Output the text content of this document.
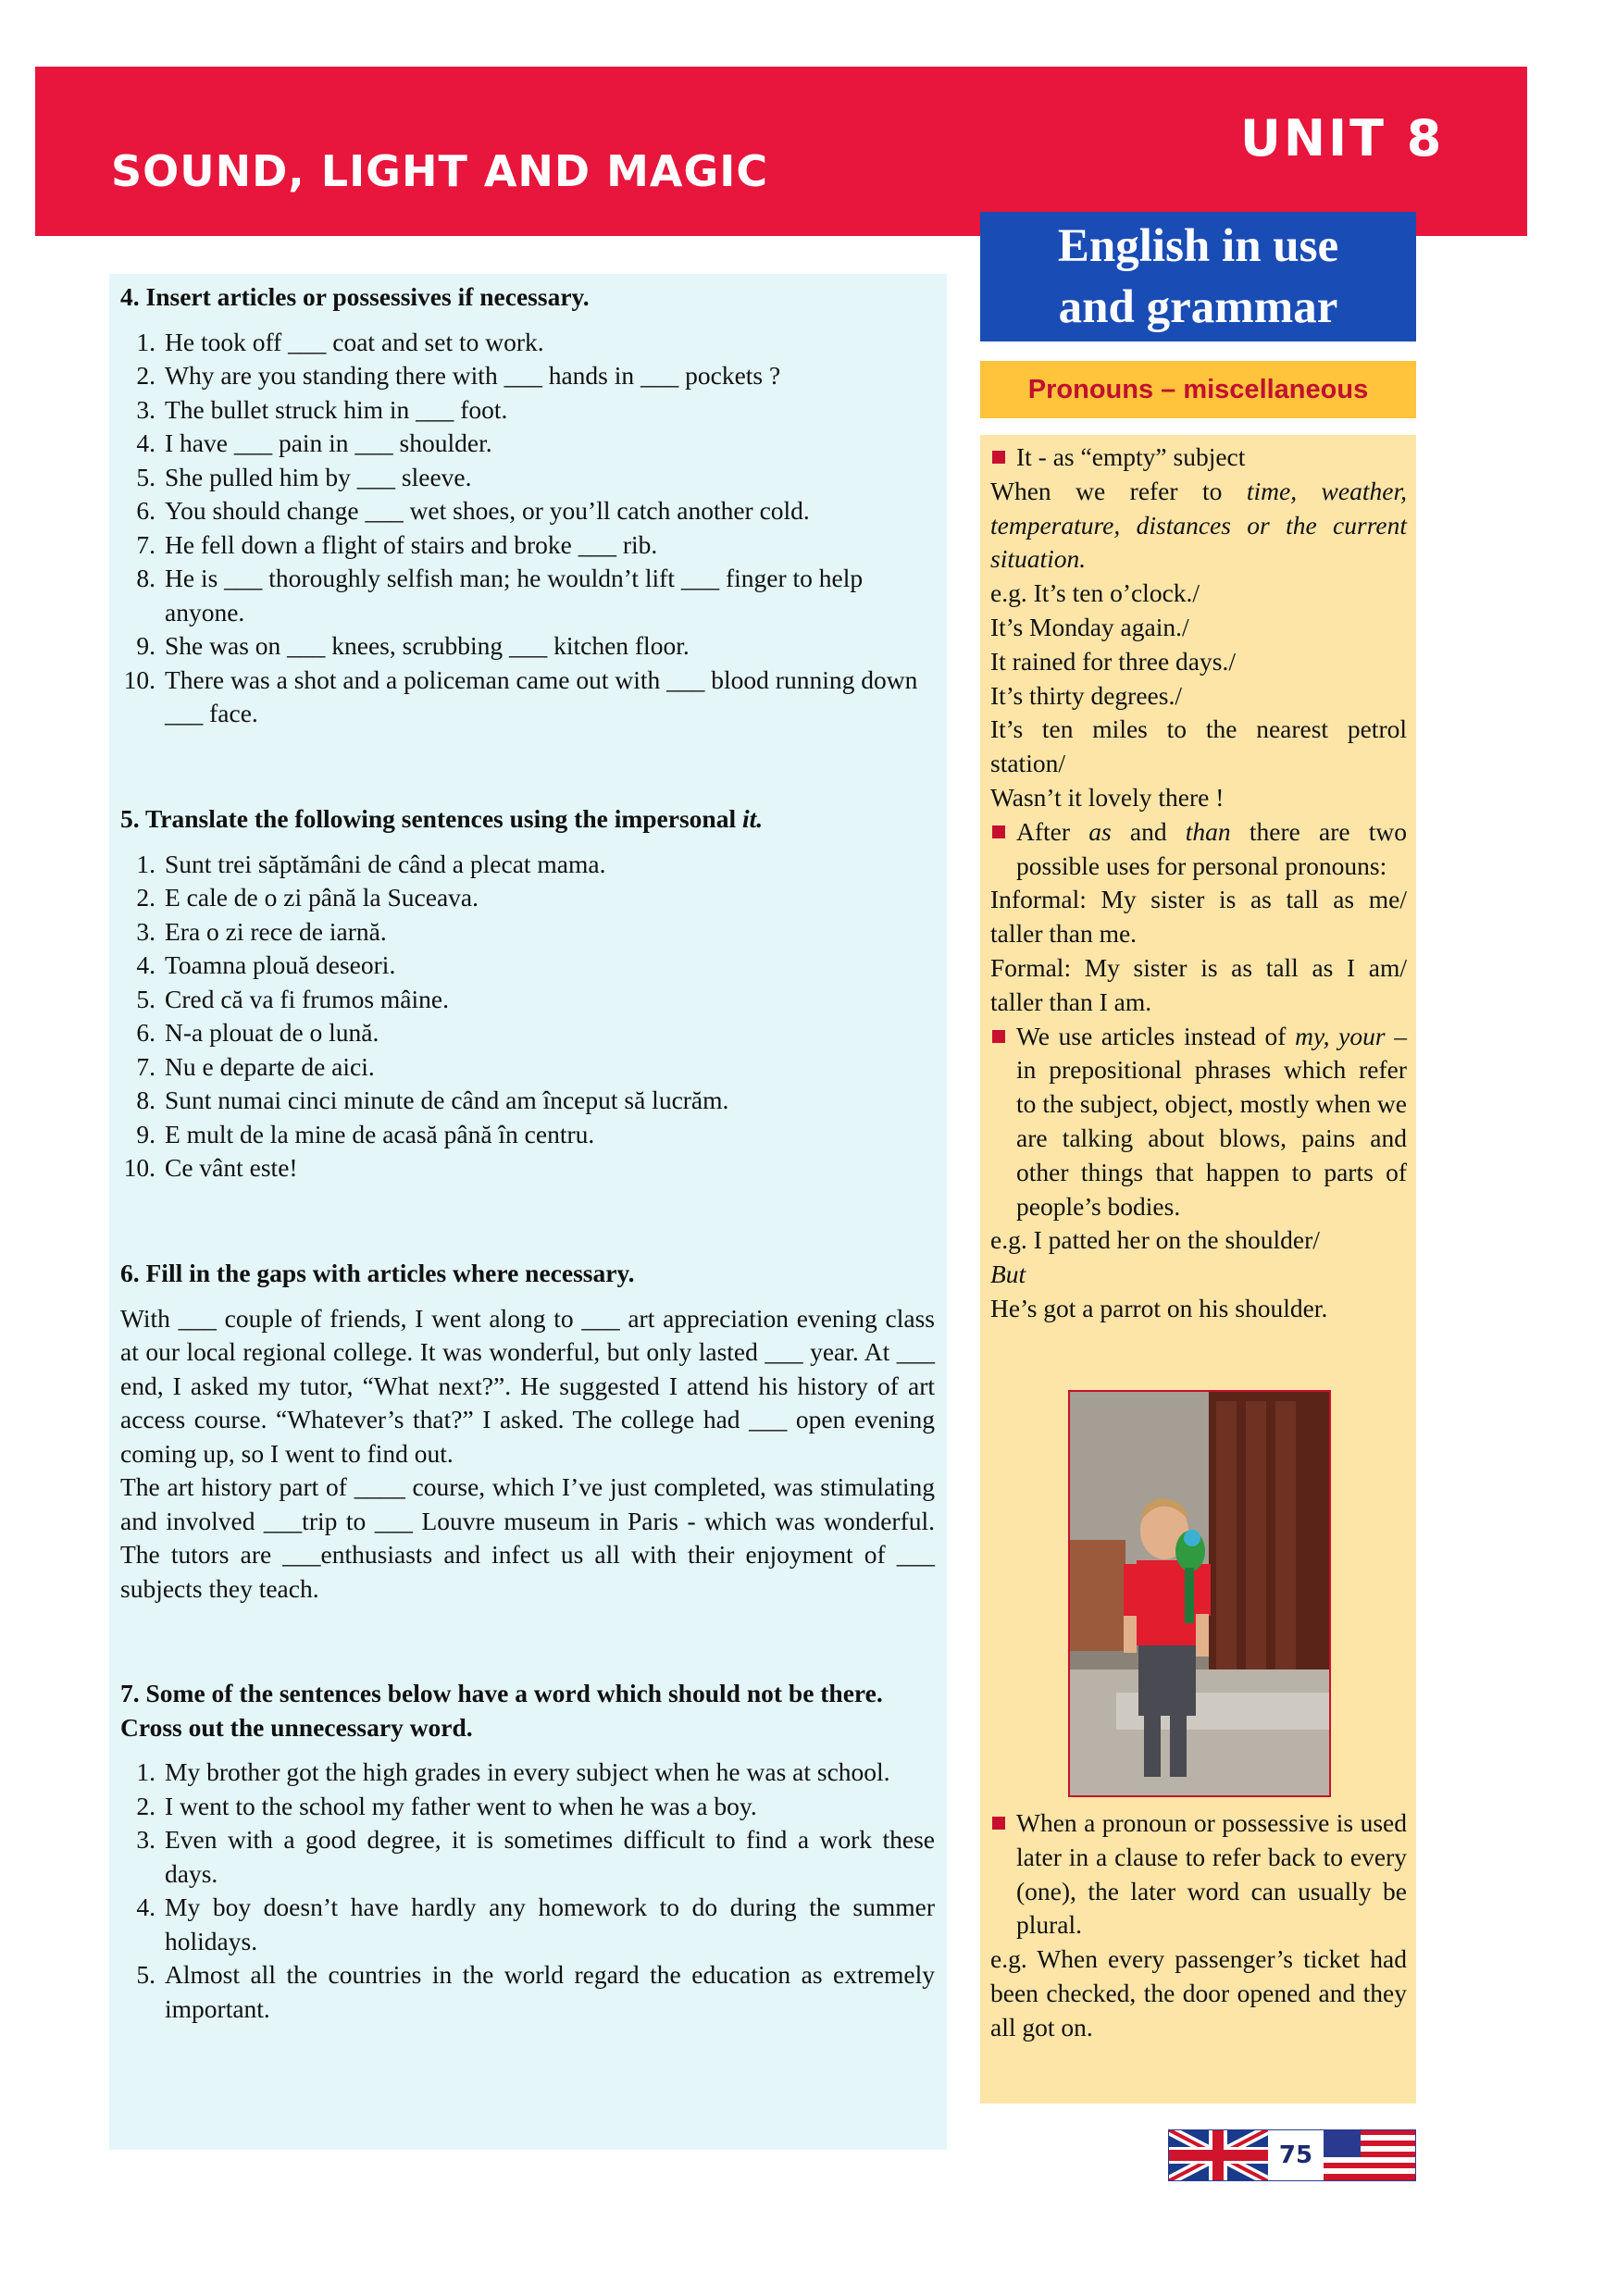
SOUND, LIGHT AND MAGIC
UNIT 8
4. Insert articles or possessives if necessary.
1. He took off ___ coat and set to work.
2. Why are you standing there with ___ hands in ___ pockets ?
3. The bullet struck him in ___ foot.
4. I have ___ pain in ___ shoulder.
5. She pulled him by ___ sleeve.
6. You should change ___ wet shoes, or you’ll catch another cold.
7. He fell down a flight of stairs and broke ___ rib.
8. He is ___ thoroughly selfish man; he wouldn’t lift ___ finger to help anyone.
9. She was on ___ knees, scrubbing ___ kitchen floor.
10. There was a shot and a policeman came out with ___ blood running down ___ face.
5. Translate the following sentences using the impersonal it.
1. Sunt trei săptămâni de când a plecat mama.
2. E cale de o zi până la Suceava.
3. Era o zi rece de iarnă.
4. Toamna plouă deseori.
5. Cred că va fi frumos mâine.
6. N-a plouat de o lună.
7. Nu e departe de aici.
8. Sunt numai cinci minute de când am început să lucrăm.
9. E mult de la mine de acasă până în centru.
10. Ce vânt este!
6. Fill in the gaps with articles where necessary.

With ___ couple of friends, I went along to ___ art appreciation evening class at our local regional college. It was wonderful, but only lasted ___ year. At ___ end, I asked my tutor, “What next?”. He suggested I attend his history of art access course. “Whatever’s that?” I asked. The college had ___ open evening coming up, so I went to find out.

The art history part of ____ course, which I’ve just completed, was stimulating and involved ___trip to ___ Louvre museum in Paris - which was wonderful. The tutors are ___enthusiasts and infect us all with their enjoyment of ___ subjects they teach.

7. Some of the sentences below have a word which should not be there. Cross out the unnecessary word.
1. My brother got the high grades in every subject when he was at school.
2. I went to the school my father went to when he was a boy.
3. Even with a good degree, it is sometimes difficult to find a work these days.
4. My boy doesn’t have hardly any homework to do during the summer holidays.
5. Almost all the countries in the world regard the education as extremely important.
English in use
and grammar
Pronouns – miscellaneous
It - as “empty” subject

When we refer to time, weather, temperature, distances or the current situation.

e.g. It’s ten o’clock./

It’s Monday again./

It rained for three days./

It’s thirty degrees./

It’s ten miles to the nearest petrol station/

Wasn’t it lovely there !

After as and than there are two possible uses for personal pronouns:

Informal: My sister is as tall as me/ taller than me.

Formal: My sister is as tall as I am/ taller than I am.

We use articles instead of my, your – in prepositional phrases which refer to the subject, object, mostly when we are talking about blows, pains and other things that happen to parts of people’s bodies.

e.g. I patted her on the shoulder/

But

He’s got a parrot on his shoulder.

When a pronoun or possessive is used later in a clause to refer back to every (one), the later word can usually be plural.

e.g. When every passenger’s ticket had been checked, the door opened and they all got on.

75
